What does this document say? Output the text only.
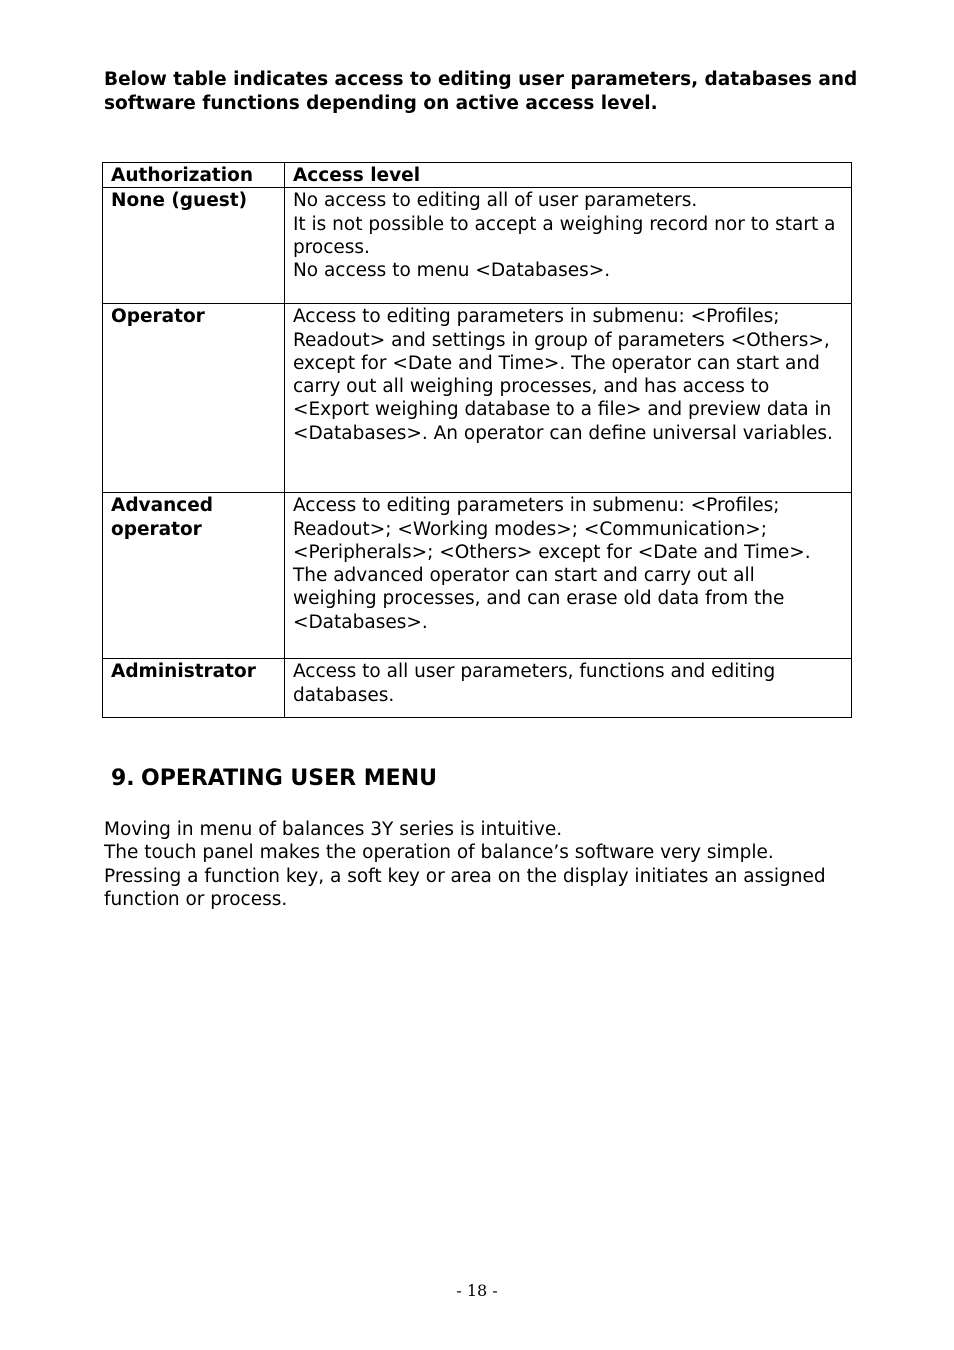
Below table indicates access to editing user parameters, databases and software functions depending on active access level.

Authorization	Access level
None (guest)	No access to editing all of user parameters.
It is not possible to accept a weighing record nor to start a process.
No access to menu <Databases>.

Operator	Access to editing parameters in submenu: <Profiles; Readout> and settings in group of parameters <Others>, except for <Date and Time>. The operator can start and carry out all weighing processes, and has access to <Export weighing database to a file> and preview data in <Databases>. An operator can define universal variables.

Advanced operator	Access to editing parameters in submenu: <Profiles; Readout>; <Working modes>; <Communication>; <Peripherals>; <Others> except for <Date and Time>. The advanced operator can start and carry out all weighing processes, and can erase old data from the <Databases>.

Administrator	Access to all user parameters, functions and editing databases.
9. OPERATING USER MENU
Moving in menu of balances 3Y series is intuitive.
The touch panel makes the operation of balance’s software very simple.
Pressing a function key, a soft key or area on the display initiates an assigned function or process.
- 18 -
